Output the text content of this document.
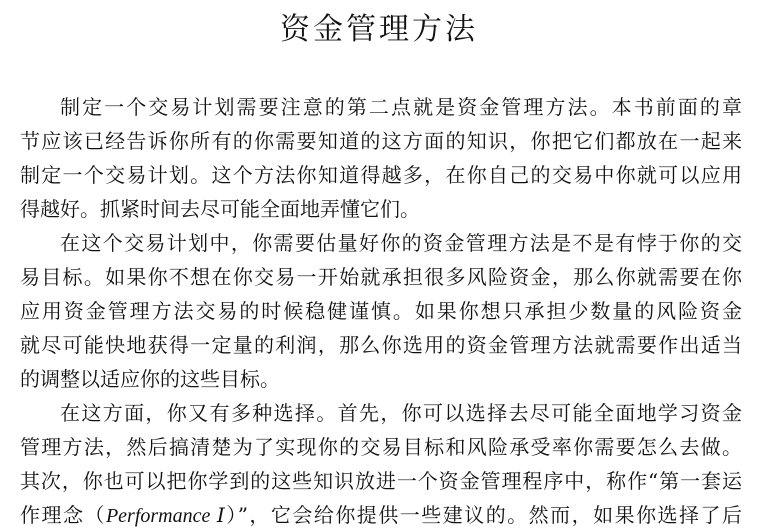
资金管理方法
制定一个交易计划需要注意的第二点就是资金管理方法。本书前面的章
节应该已经告诉你所有的你需要知道的这方面的知识，你把它们都放在一起来
制定一个交易计划。这个方法你知道得越多，在你自己的交易中你就可以应用
得越好。抓紧时间去尽可能全面地弄懂它们。
在这个交易计划中，你需要估量好你的资金管理方法是不是有悖于你的交
易目标。如果你不想在你交易一开始就承担很多风险资金，那么你就需要在你
应用资金管理方法交易的时候稳健谨慎。如果你想只承担少数量的风险资金
就尽可能快地获得一定量的利润，那么你选用的资金管理方法就需要作出适当
的调整以适应你的这些目标。
在这方面，你又有多种选择。首先，你可以选择去尽可能全面地学习资金
管理方法，然后搞清楚为了实现你的交易目标和风险承受率你需要怎么去做。
其次，你也可以把你学到的这些知识放进一个资金管理程序中，称作“第一套运
作理念（Performance Ⅰ）”，它会给你提供一些建议的。然而，如果你选择了后
